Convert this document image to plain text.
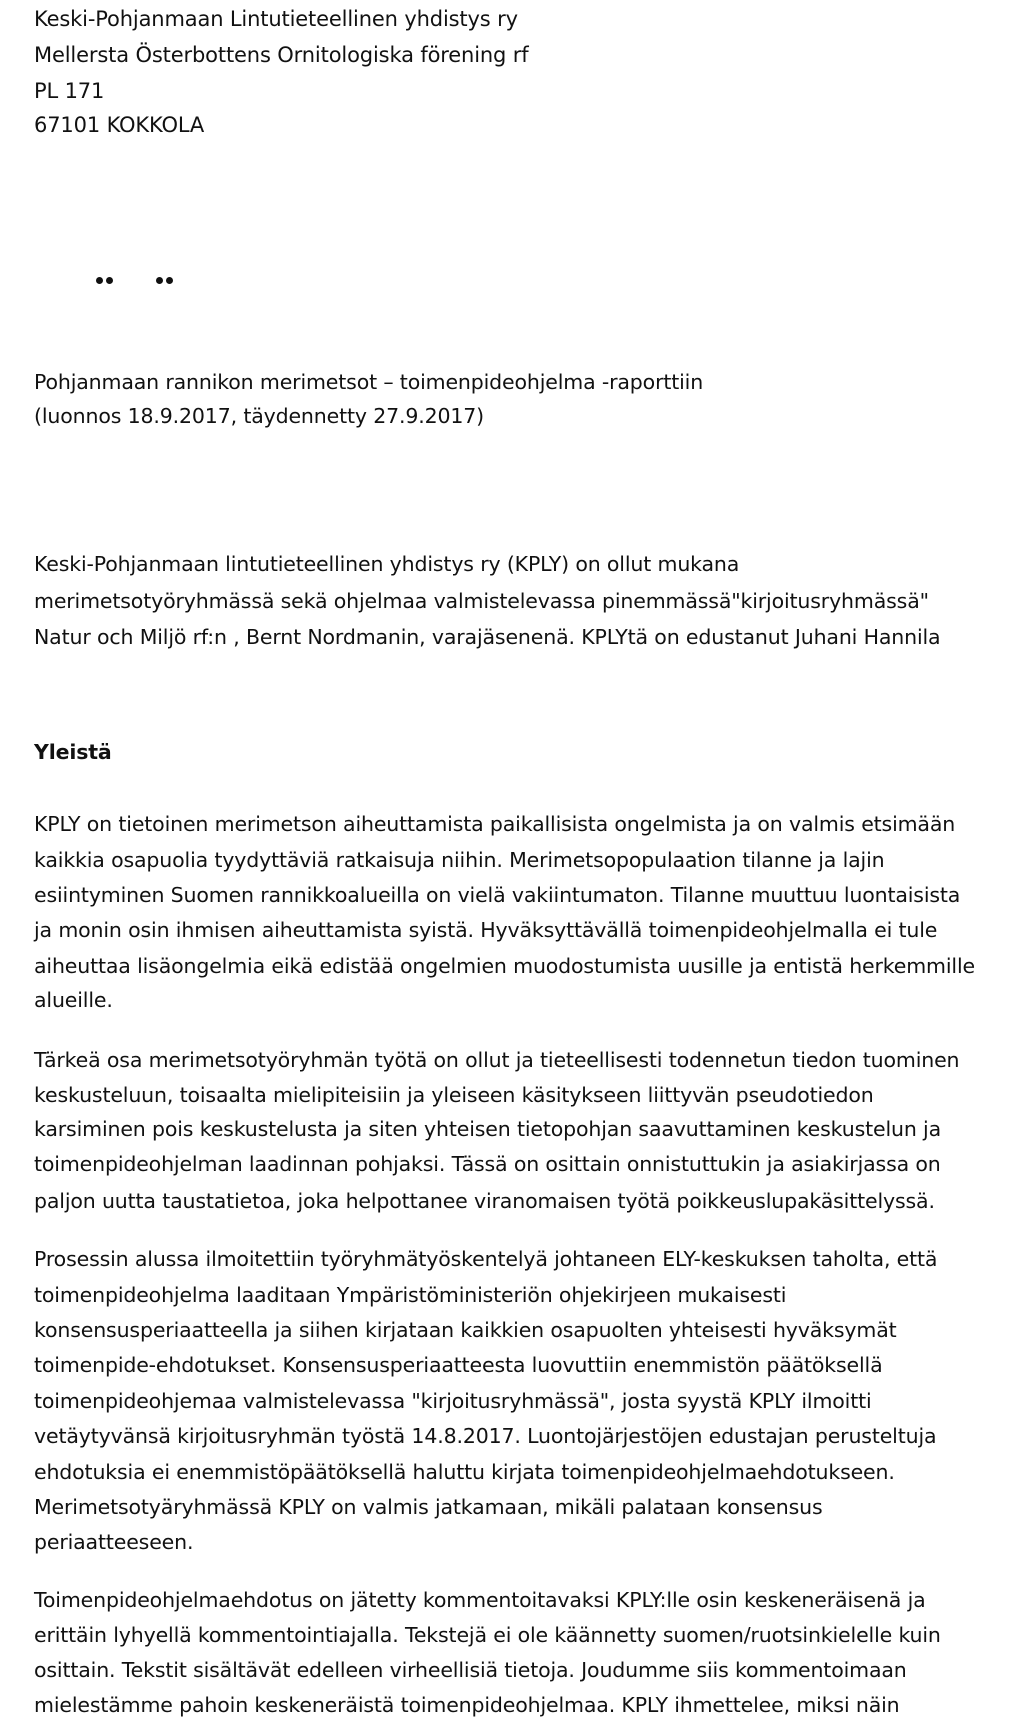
Keski-Pohjanmaan Lintutieteellinen yhdistys ry
Mellersta Österbottens Ornitologiska förening rf
PL 171
67101 KOKKOLA
Pohjanmaan rannikon merimetsot – toimenpideohjelma -raporttiin
(luonnos 18.9.2017, täydennetty 27.9.2017)
Keski-Pohjanmaan lintutieteellinen yhdistys ry (KPLY) on ollut mukana
merimetsotyöryhmässä sekä ohjelmaa valmistelevassa pinemmässä"kirjoitusryhmässä"
Natur och Miljö rf:n , Bernt Nordmanin, varajäsenenä. KPLYtä on edustanut Juhani Hannila
Yleistä
KPLY on tietoinen merimetson aiheuttamista paikallisista ongelmista ja on valmis etsimään
kaikkia osapuolia tyydyttäviä ratkaisuja niihin. Merimetsopopulaation tilanne ja lajin
esiintyminen Suomen rannikkoalueilla on vielä vakiintumaton. Tilanne muuttuu luontaisista
ja monin osin ihmisen aiheuttamista syistä. Hyväksyttävällä toimenpideohjelmalla ei tule
aiheuttaa lisäongelmia eikä edistää ongelmien muodostumista uusille ja entistä herkemmille
alueille.
Tärkeä osa merimetsotyöryhmän työtä on ollut ja tieteellisesti todennetun tiedon tuominen
keskusteluun, toisaalta mielipiteisiin ja yleiseen käsitykseen liittyvän pseudotiedon
karsiminen pois keskustelusta ja siten yhteisen tietopohjan saavuttaminen keskustelun ja
toimenpideohjelman laadinnan pohjaksi. Tässä on osittain onnistuttukin ja asiakirjassa on
paljon uutta taustatietoa, joka helpottanee viranomaisen työtä poikkeuslupakäsittelyssä.
Prosessin alussa ilmoitettiin työryhmätyöskentelyä johtaneen ELY-keskuksen taholta, että
toimenpideohjelma laaditaan Ympäristöministeriön ohjekirjeen mukaisesti
konsensusperiaatteella ja siihen kirjataan kaikkien osapuolten yhteisesti hyväksymät
toimenpide-ehdotukset. Konsensusperiaatteesta luovuttiin enemmistön päätöksellä
toimenpideohjemaa valmistelevassa "kirjoitusryhmässä", josta syystä KPLY ilmoitti
vetäytyvänsä kirjoitusryhmän työstä 14.8.2017. Luontojärjestöjen edustajan perusteltuja
ehdotuksia ei enemmistöpäätöksellä haluttu kirjata toimenpideohjelmaehdotukseen.
Merimetsotyäryhmässä KPLY on valmis jatkamaan, mikäli palataan konsensus
periaatteeseen.
Toimenpideohjelmaehdotus on jätetty kommentoitavaksi KPLY:lle osin keskeneräisenä ja
erittäin lyhyellä kommentointiajalla. Tekstejä ei ole käännetty suomen/ruotsinkielelle kuin
osittain. Tekstit sisältävät edelleen virheellisiä tietoja. Joudumme siis kommentoimaan
mielestämme pahoin keskeneräistä toimenpideohjelmaa. KPLY ihmettelee, miksi näin
